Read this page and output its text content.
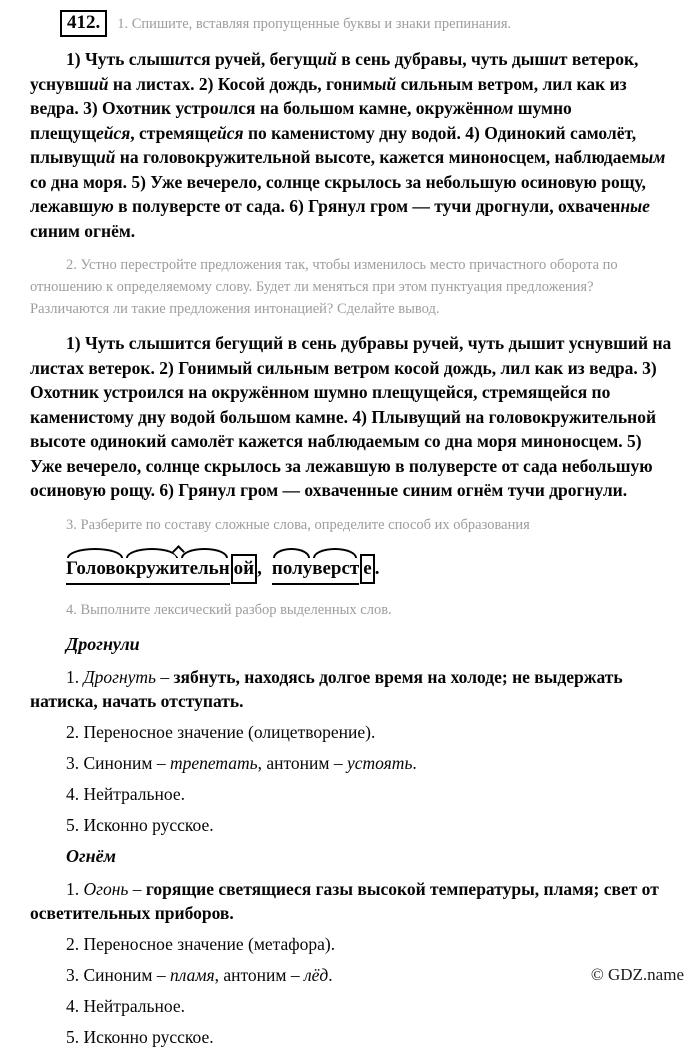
412.	1. Спишите, вставляя пропущенные буквы и знаки препинания.

1) Чуть слышится ручей, бегущий в сень дубравы, чуть дышит ветерок, уснувший на листах. 2) Косой дождь, гонимый сильным ветром, лил как из ведра. 3) Охотник устроился на большом камне, окружённом шумно плещущейся, стремящейся по каменистому дну водой. 4) Одинокий самолёт, плывущий на головокружительной высоте, кажется миноносцем, наблюдаемым со дна моря. 5) Уже вечерело, солнце скрылось за небольшую осиновую рощу, лежавшую в полуверсте от сада. 6) Грянул гром — тучи дрогнули, охваченные синим огнём.

2. Устно перестройте предложения так, чтобы изменилось место причастного оборота по отношению к определяемому слову. Будет ли меняться при этом пунктуация предложения? Различаются ли такие предложения интонацией? Сделайте вывод.

1) Чуть слышится бегущий в сень дубравы ручей, чуть дышит уснувший на листах ветерок. 2) Гонимый сильным ветром косой дождь, лил как из ведра. 3) Охотник устроился на окружённом шумно плещущейся, стремящейся по каменистому дну водой большом камне. 4) Плывущий на головокружительной высоте одинокий самолёт кажется наблюдаемым со дна моря миноносцем. 5) Уже вечерело, солнце скрылось за лежавшую в полуверсте от сада небольшую осиновую рощу. 6) Грянул гром — охваченные синим огнём тучи дрогнули.

3. Разберите по составу сложные слова, определите способ их образования

Головокружительн ой , полуверст е .

4. Выполните лексический разбор выделенных слов.

Дрогнули

1. Дрогнуть – зябнуть, находясь долгое время на холоде; не выдержать натиска, начать отступать.

2. Переносное значение (олицетворение).

3. Синоним – трепетать, антоним – устоять.

4. Нейтральное.

5. Исконно русское.

Огнём

1. Огонь – горящие светящиеся газы высокой температуры, пламя; свет от осветительных приборов.

2. Переносное значение (метафора).

3. Синоним – пламя, антоним – лёд.

4. Нейтральное.

5. Исконно русское.

© GDZ.name
